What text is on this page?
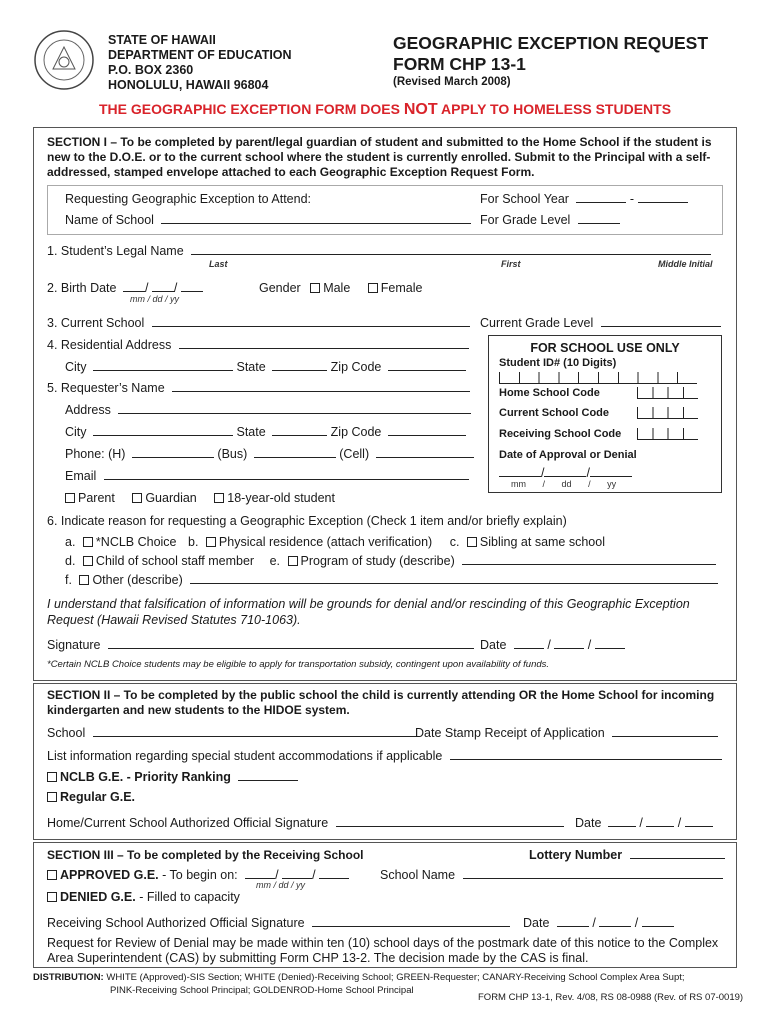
STATE OF HAWAII
DEPARTMENT OF EDUCATION
P.O. BOX 2360
HONOLULU, HAWAII 96804
GEOGRAPHIC EXCEPTION REQUEST
FORM CHP 13-1
(Revised March 2008)
THE GEOGRAPHIC EXCEPTION FORM DOES NOT APPLY TO HOMELESS STUDENTS
SECTION I – To be completed by parent/legal guardian of student and submitted to the Home School if the student is new to the D.O.E. or to the current school where the student is currently enrolled. Submit to the Principal with a self-addressed, stamped envelope attached to each Geographic Exception Request Form.
Requesting Geographic Exception to Attend:	For School Year	-
Name of School	For Grade Level
1. Student’s Legal Name
Last	First	Middle Initial
2. Birth Date / /
mm / dd / yy
Gender Male Female
3. Current School	Current Grade Level
4. Residential Address
City	State	Zip Code
5. Requester’s Name
Address
City	State	Zip Code
Phone: (H)	(Bus)	(Cell)
Email
Parent Guardian 18-year-old student
FOR SCHOOL USE ONLY
Student ID# (10 Digits)
Home School Code
Current School Code
Receiving School Code
Date of Approval or Denial
/	/
mm / dd / yy
6. Indicate reason for requesting a Geographic Exception (Check 1 item and/or briefly explain)
a. *NCLB Choice b. Physical residence (attach verification) c. Sibling at same school
d. Child of school staff member e. Program of study (describe)
f. Other (describe)
I understand that falsification of information will be grounds for denial and/or rescinding of this Geographic Exception Request (Hawaii Revised Statutes 710-1063).
Signature	Date	/  /
*Certain NCLB Choice students may be eligible to apply for transportation subsidy, contingent upon availability of funds.
SECTION II – To be completed by the public school the child is currently attending OR the Home School for incoming kindergarten and new students to the HIDOE system.
School	Date Stamp Receipt of Application
List information regarding special student accommodations if applicable
NCLB G.E. - Priority Ranking
Regular G.E.
Home/Current School Authorized Official Signature	Date	/  /
SECTION III – To be completed by the Receiving School	Lottery Number
APPROVED G.E. - To begin on:	/ /
mm / dd / yy
School Name
DENIED G.E. - Filled to capacity
Receiving School Authorized Official Signature	Date	/	/
Request for Review of Denial may be made within ten (10) school days of the postmark date of this notice to the Complex Area Superintendent (CAS) by submitting Form CHP 13-2. The decision made by the CAS is final.
DISTRIBUTION: WHITE (Approved)-SIS Section; WHITE (Denied)-Receiving School; GREEN-Requester; CANARY-Receiving School Complex Area Supt;
PINK-Receiving School Principal; GOLDENROD-Home School Principal
FORM CHP 13-1, Rev. 4/08, RS 08-0988 (Rev. of RS 07-0019)
